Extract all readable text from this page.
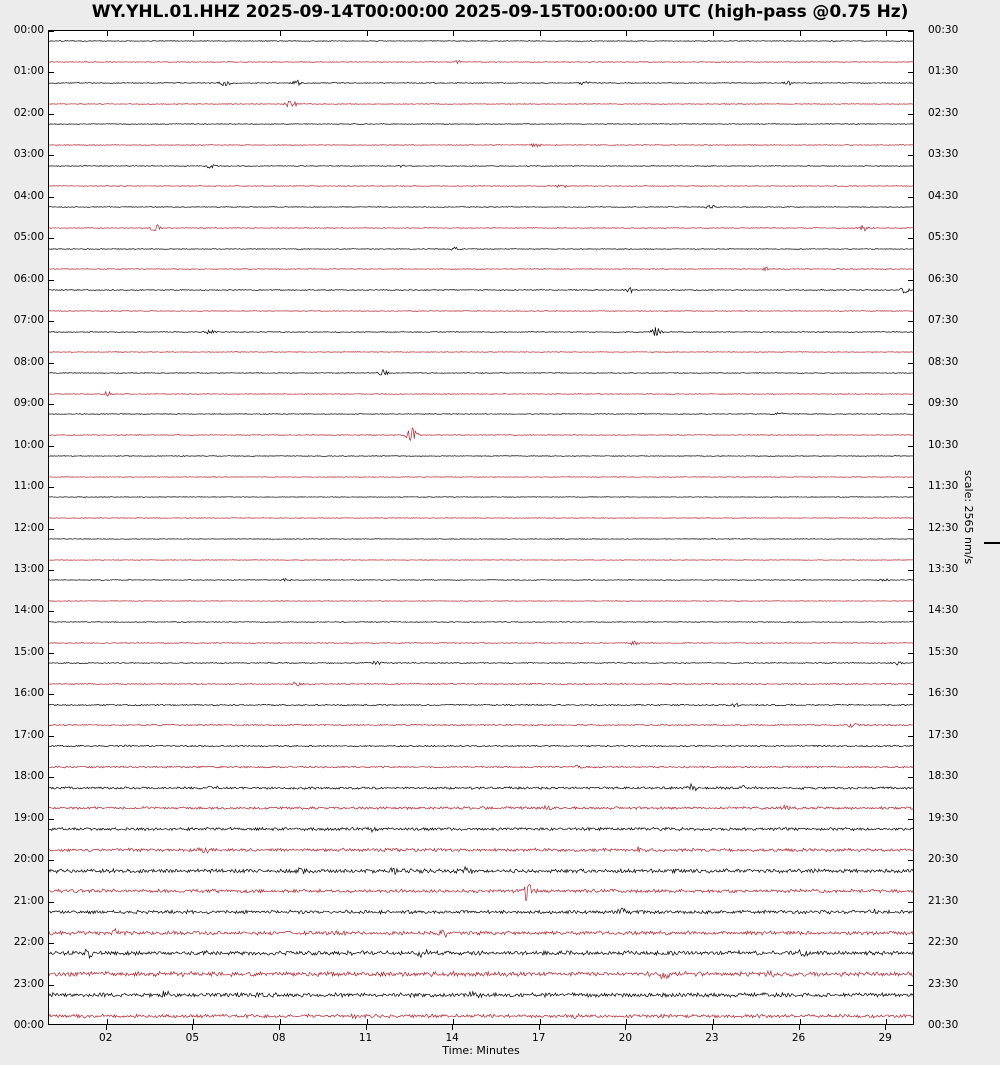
WY.YHL.01.HHZ 2025-09-14T00:00:00 2025-09-15T00:00:00 UTC (high-pass @0.75 Hz)
00:00
01:00
02:00
03:00
04:00
05:00
06:00
07:00
08:00
09:00
10:00
11:00
12:00
13:00
14:00
15:00
16:00
17:00
18:00
19:00
20:00
21:00
22:00
23:00
00:00
00:30
01:30
02:30
03:30
04:30
05:30
06:30
07:30
08:30
09:30
10:30
11:30
12:30
13:30
14:30
15:30
16:30
17:30
18:30
19:30
20:30
21:30
22:30
23:30
00:30
02	05	08	11	14	17	20	23	26	29
Time: Minutes
scale: 2565 nm/s
